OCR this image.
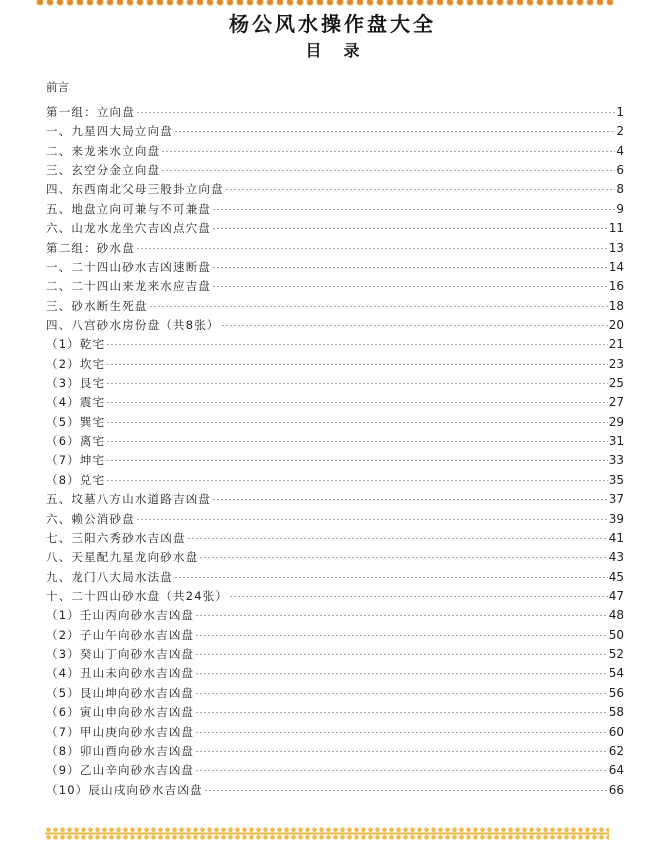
杨公风水操作盘大全
目录
前言
第一组：立向盘	1
一、九星四大局立向盘	2
二、来龙来水立向盘	4
三、玄空分金立向盘	6
四、东西南北父母三般卦立向盘	8
五、地盘立向可兼与不可兼盘	9
六、山龙水龙坐穴吉凶点穴盘	11
第二组：砂水盘	13
一、二十四山砂水吉凶速断盘	14
二、二十四山来龙来水应吉盘	16
三、砂水断生死盘	18
四、八宫砂水房份盘（共8张）	20
（1）乾宅	21
（2）坎宅	23
（3）艮宅	25
（4）震宅	27
（5）巽宅	29
（6）离宅	31
（7）坤宅	33
（8）兑宅	35
五、坟墓八方山水道路吉凶盘	37
六、赖公消砂盘	39
七、三阳六秀砂水吉凶盘	41
八、天星配九星龙向砂水盘	43
九、龙门八大局水法盘	45
十、二十四山砂水盘（共24张）	47
（1）壬山丙向砂水吉凶盘	48
（2）子山午向砂水吉凶盘	50
（3）癸山丁向砂水吉凶盘	52
（4）丑山未向砂水吉凶盘	54
（5）艮山坤向砂水吉凶盘	56
（6）寅山申向砂水吉凶盘	58
（7）甲山庚向砂水吉凶盘	60
（8）卯山酉向砂水吉凶盘	62
（9）乙山辛向砂水吉凶盘	64
（10）辰山戌向砂水吉凶盘	66
